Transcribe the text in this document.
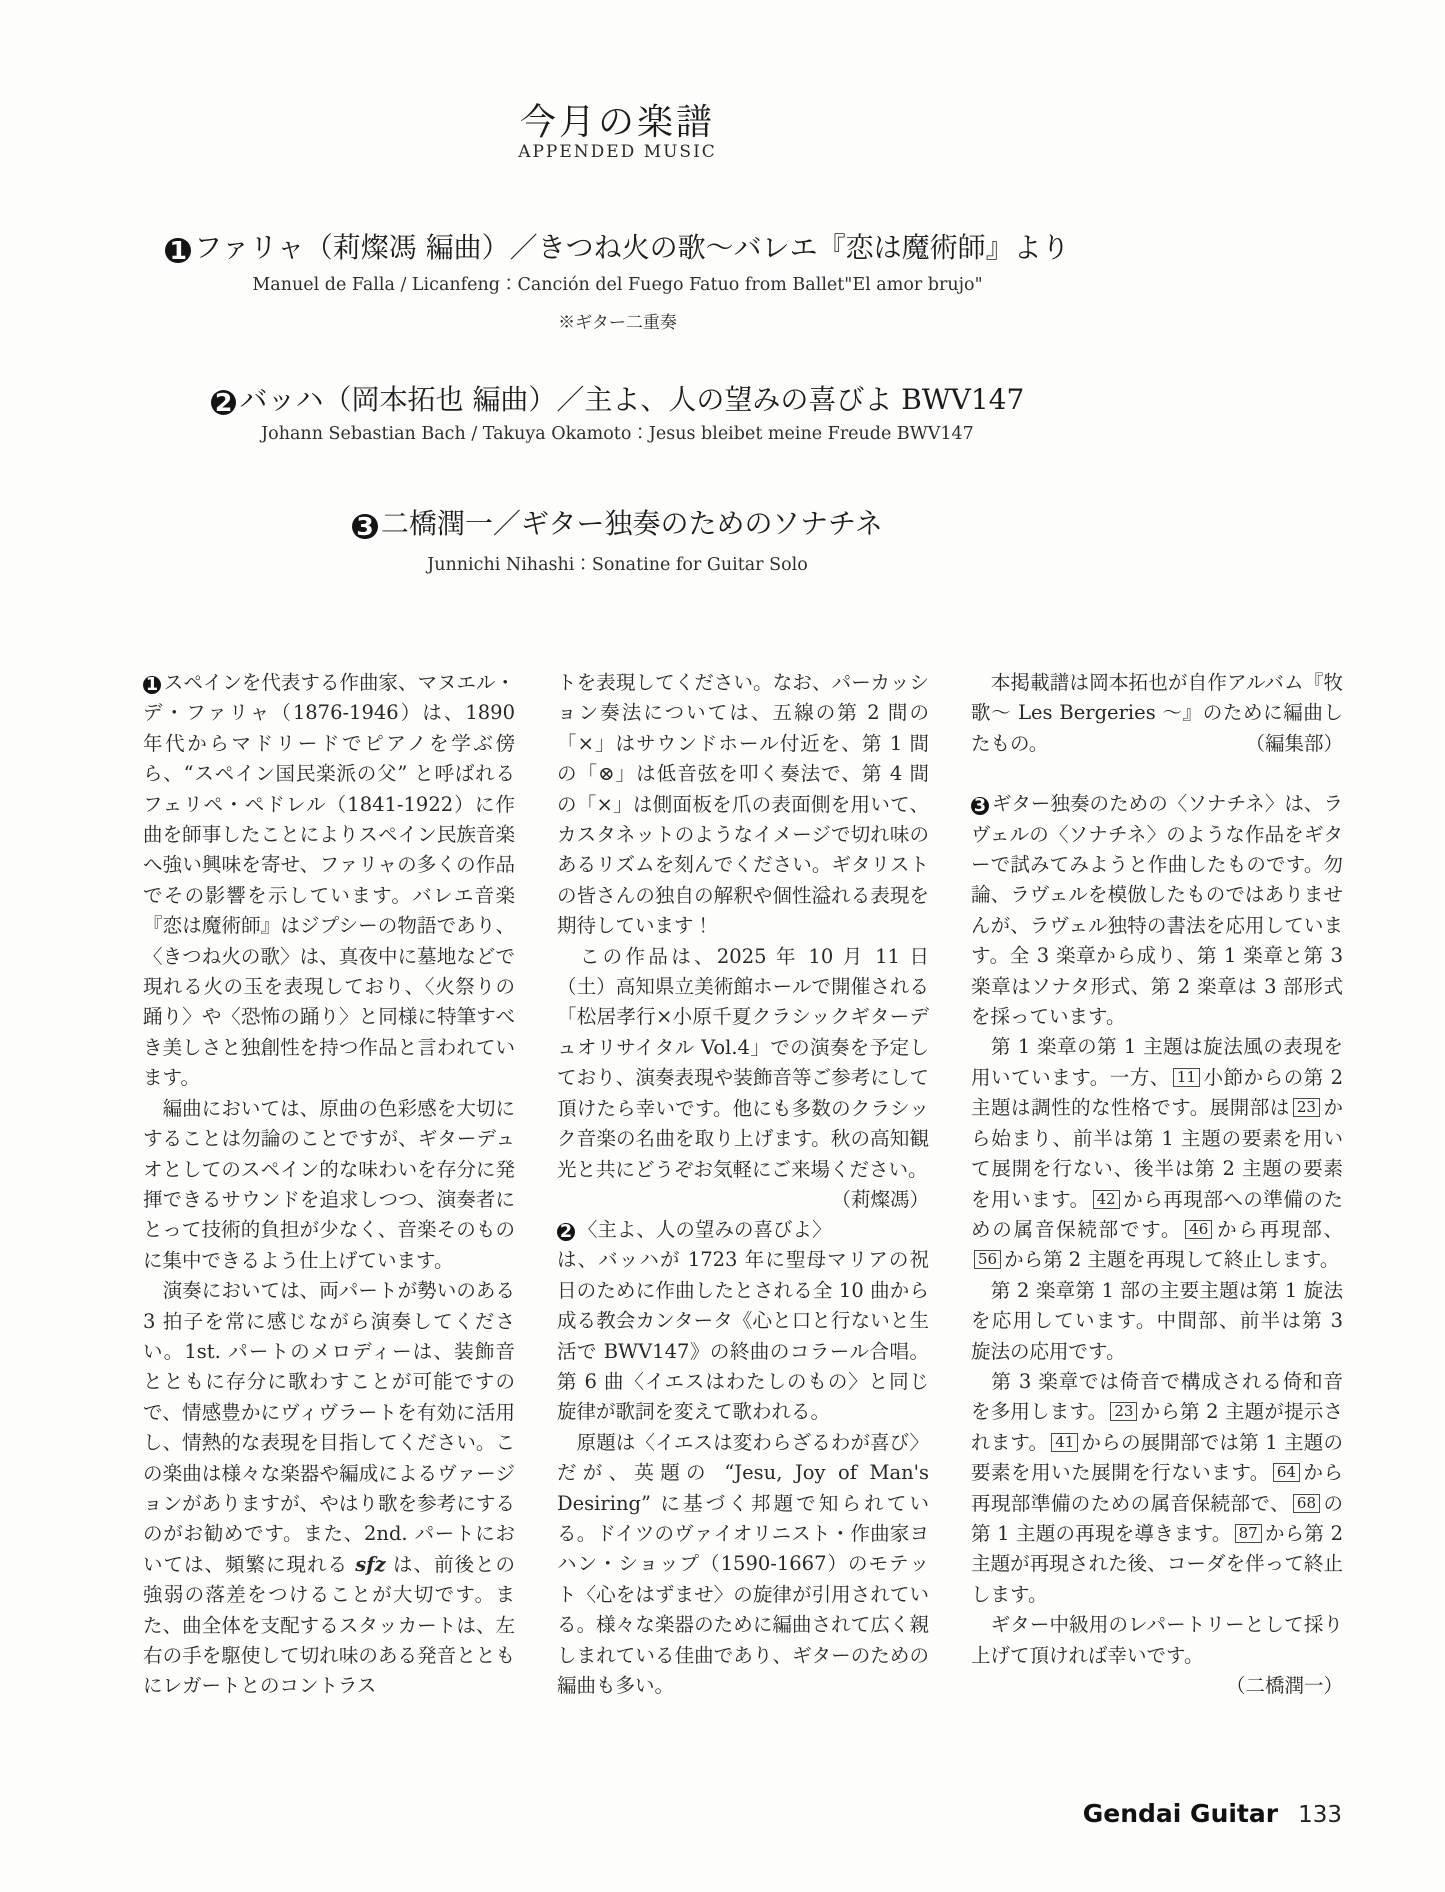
今月の楽譜
APPENDED MUSIC
1 ファリャ（莉燦馮 編曲）／きつね火の歌～バレエ『恋は魔術師』より
Manuel de Falla / Licanfeng：Canción del Fuego Fatuo from Ballet"El amor brujo"
※ギター二重奏
2 バッハ（岡本拓也 編曲）／主よ、人の望みの喜びよ BWV147
Johann Sebastian Bach / Takuya Okamoto：Jesus bleibet meine Freude BWV147
3 二橋潤一／ギター独奏のためのソナチネ
Junnichi Nihashi：Sonatine for Guitar Solo

1 スペインを代表する作曲家、マヌエル・デ・ファリャ（1876-1946）は、1890 年代からマドリードでピアノを学ぶ傍ら、“スペイン国民楽派の父” と呼ばれるフェリペ・ペドレル（1841-1922）に作曲を師事したことによりスペイン民族音楽へ強い興味を寄せ、ファリャの多くの作品でその影響を示しています。バレエ音楽『恋は魔術師』はジプシーの物語であり、〈きつね火の歌〉は、真夜中に墓地などで現れる火の玉を表現しており、〈火祭りの踊り〉や〈恐怖の踊り〉と同様に特筆すべき美しさと独創性を持つ作品と言われています。

　編曲においては、原曲の色彩感を大切にすることは勿論のことですが、ギターデュオとしてのスペイン的な味わいを存分に発揮できるサウンドを追求しつつ、演奏者にとって技術的負担が少なく、音楽そのものに集中できるよう仕上げています。

　演奏においては、両パートが勢いのある 3 拍子を常に感じながら演奏してください。1st. パートのメロディーは、装飾音とともに存分に歌わすことが可能ですので、情感豊かにヴィヴラートを有効に活用し、情熱的な表現を目指してください。この楽曲は様々な楽器や編成によるヴァージョンがありますが、やはり歌を参考にするのがお勧めです。また、2nd. パートにおいては、頻繁に現れる sfz は、前後との強弱の落差をつけることが大切です。また、曲全体を支配するスタッカートは、左右の手を駆使して切れ味のある発音とともにレガートとのコントラス

トを表現してください。なお、パーカッション奏法については、五線の第 2 間の「×」はサウンドホール付近を、第 1 間の「⊗」は低音弦を叩く奏法で、第 4 間の「×」は側面板を爪の表面側を用いて、カスタネットのようなイメージで切れ味のあるリズムを刻んでください。ギタリストの皆さんの独自の解釈や個性溢れる表現を期待しています！

　この作品は、2025 年 10 月 11 日（土）高知県立美術館ホールで開催される「松居孝行×小原千夏クラシックギターデュオリサイタル Vol.4」での演奏を予定しており、演奏表現や装飾音等ご参考にして頂けたら幸いです。他にも多数のクラシック音楽の名曲を取り上げます。秋の高知観光と共にどうぞお気軽にご来場ください。
（莉燦馮）

2 〈主よ、人の望みの喜びよ〉は、バッハが 1723 年に聖母マリアの祝日のために作曲したとされる全 10 曲から成る教会カンタータ《心と口と行ないと生活で BWV147》の終曲のコラール合唱。第 6 曲〈イエスはわたしのもの〉と同じ旋律が歌詞を変えて歌われる。

　原題は〈イエスは変わらざるわが喜び〉だが、英題の “Jesu, Joy of Man's Desiring” に基づく邦題で知られている。ドイツのヴァイオリニスト・作曲家ヨハン・ショップ（1590-1667）のモテット〈心をはずませ〉の旋律が引用されている。様々な楽器のために編曲されて広く親しまれている佳曲であり、ギターのための編曲も多い。

　本掲載譜は岡本拓也が自作アルバム『牧歌～ Les Bergeries ～』のために編曲したもの。	（編集部）

3 ギター独奏のための〈ソナチネ〉は、ラヴェルの〈ソナチネ〉のような作品をギターで試みてみようと作曲したものです。勿論、ラヴェルを模倣したものではありませんが、ラヴェル独特の書法を応用しています。全 3 楽章から成り、第 1 楽章と第 3 楽章はソナタ形式、第 2 楽章は 3 部形式を採っています。

　第 1 楽章の第 1 主題は旋法風の表現を用いています。一方、 11 小節からの第 2 主題は調性的な性格です。展開部は 23 から始まり、前半は第 1 主題の要素を用いて展開を行ない、後半は第 2 主題の要素を用います。 42 から再現部への準備のための属音保続部です。 46 から再現部、56 から第 2 主題を再現して終止します。

　第 2 楽章第 1 部の主要主題は第 1 旋法を応用しています。中間部、前半は第 3 旋法の応用です。

　第 3 楽章では倚音で構成される倚和音を多用します。 23 から第 2 主題が提示されます。 41 からの展開部では第 1 主題の要素を用いた展開を行ないます。 64 から再現部準備のための属音保続部で、 68 の第 1 主題の再現を導きます。 87 から第 2 主題が再現された後、コーダを伴って終止します。

　ギター中級用のレパートリーとして採り上げて頂ければ幸いです。

（二橋潤一）

Gendai Guitar 133
